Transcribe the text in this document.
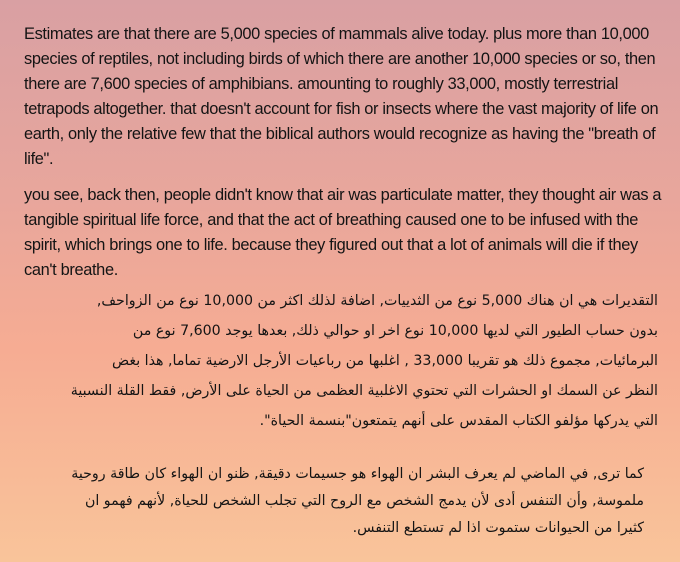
Estimates are that there are 5,000 species of mammals alive today. plus more than 10,000 species of reptiles, not including birds of which there are another 10,000 species or so, then there are 7,600 species of amphibians. amounting to roughly 33,000, mostly terrestrial tetrapods altogether. that doesn't account for fish or insects where the vast majority of life on earth, only the relative few that the biblical authors would recognize as having the "breath of life".

you see, back then, people didn't know that air was particulate matter, they thought air was a tangible spiritual life force, and that the act of breathing caused one to be infused with the spirit, which brings one to life. because they figured out that a lot of animals will die if they can't breathe.

التقديرات هي ان هناك 5,000 نوع من الثدييات, اضافة لذلك اكثر من 10,000 نوع من الزواحف,
بدون حساب الطيور التي لديها 10,000 نوع اخر او حوالي ذلك, بعدها يوجد 7,600 نوع من
البرمائيات, مجموع ذلك هو تقريبا 33,000 , اغلبها من رباعيات الأرجل الارضية تماما, هذا بغض
النظر عن السمك او الحشرات التي تحتوي الاغلبية العظمى من الحياة على الأرض, فقط القلة النسبية
التي يدركها مؤلفو الكتاب المقدس على أنهم يتمتعون"بنسمة الحياة".
كما ترى, في الماضي لم يعرف البشر ان الهواء هو جسيمات دقيقة, ظنو ان الهواء كان طاقة روحية
ملموسة, وأن التنفس أدى لأن يدمج الشخص مع الروح التي تجلب الشخص للحياة, لأنهم فهمو ان
كثيرا من الحيوانات ستموت اذا لم تستطع التنفس.
